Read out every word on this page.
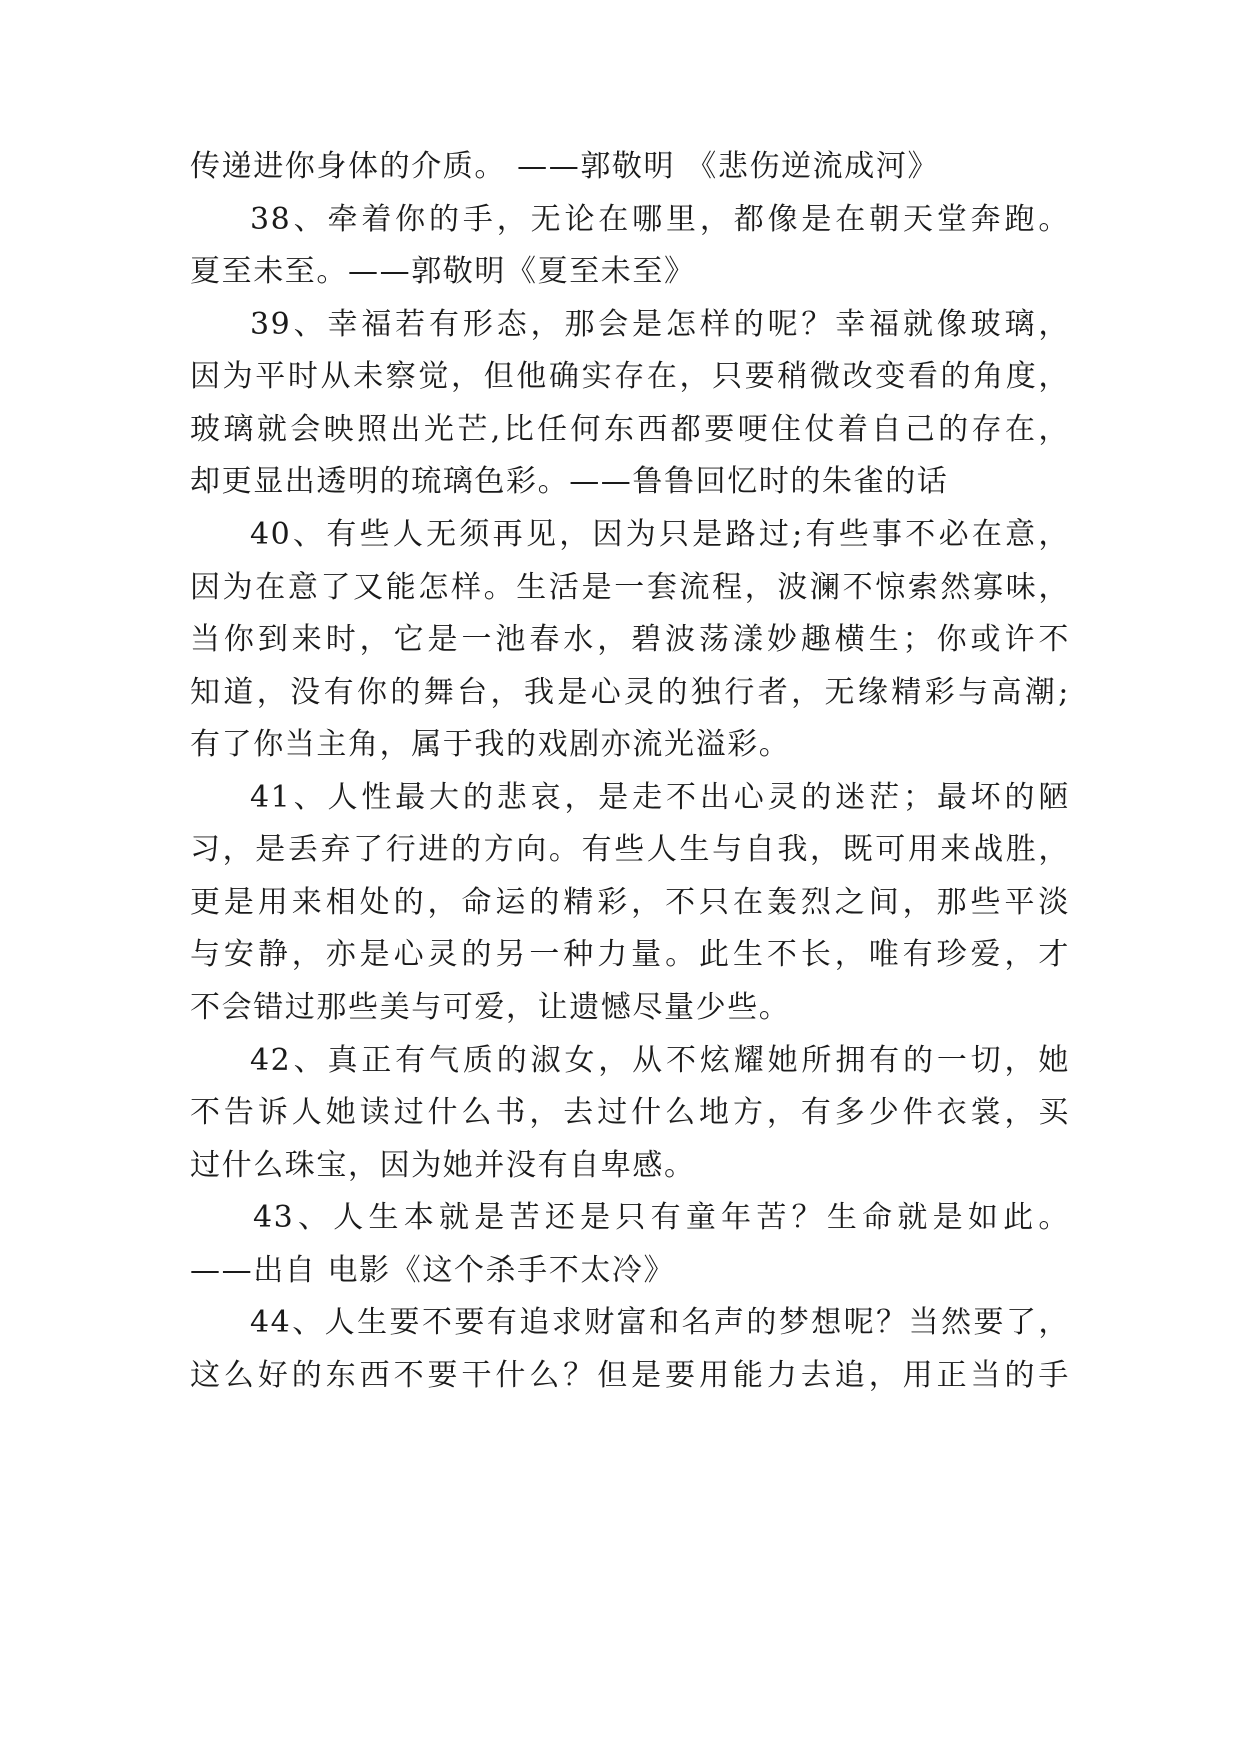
传递进你身体的介质。 ——郭敬明 《悲伤逆流成河》
38、牵着你的手，无论在哪里，都像是在朝天堂奔跑。
夏至未至。——郭敬明《夏至未至》
39、幸福若有形态，那会是怎样的呢？幸福就像玻璃，
因为平时从未察觉，但他确实存在，只要稍微改变看的角度，
玻璃就会映照出光芒,比任何东西都要哽住仗着自己的存在，
却更显出透明的琉璃色彩。——鲁鲁回忆时的朱雀的话
40、有些人无须再见，因为只是路过;有些事不必在意，
因为在意了又能怎样。生活是一套流程，波澜不惊索然寡味，
当你到来时，它是一池春水，碧波荡漾妙趣横生；你或许不
知道，没有你的舞台，我是心灵的独行者，无缘精彩与高潮;
有了你当主角，属于我的戏剧亦流光溢彩。
41、人性最大的悲哀，是走不出心灵的迷茫；最坏的陋
习，是丢弃了行进的方向。有些人生与自我，既可用来战胜，
更是用来相处的，命运的精彩，不只在轰烈之间，那些平淡
与安静，亦是心灵的另一种力量。此生不长，唯有珍爱，才
不会错过那些美与可爱，让遗憾尽量少些。
42、真正有气质的淑女，从不炫耀她所拥有的一切，她
不告诉人她读过什么书，去过什么地方，有多少件衣裳，买
过什么珠宝，因为她并没有自卑感。
43、人生本就是苦还是只有童年苦？生命就是如此。
——出自 电影《这个杀手不太冷》
44、人生要不要有追求财富和名声的梦想呢？当然要了，
这么好的东西不要干什么？但是要用能力去追，用正当的手
